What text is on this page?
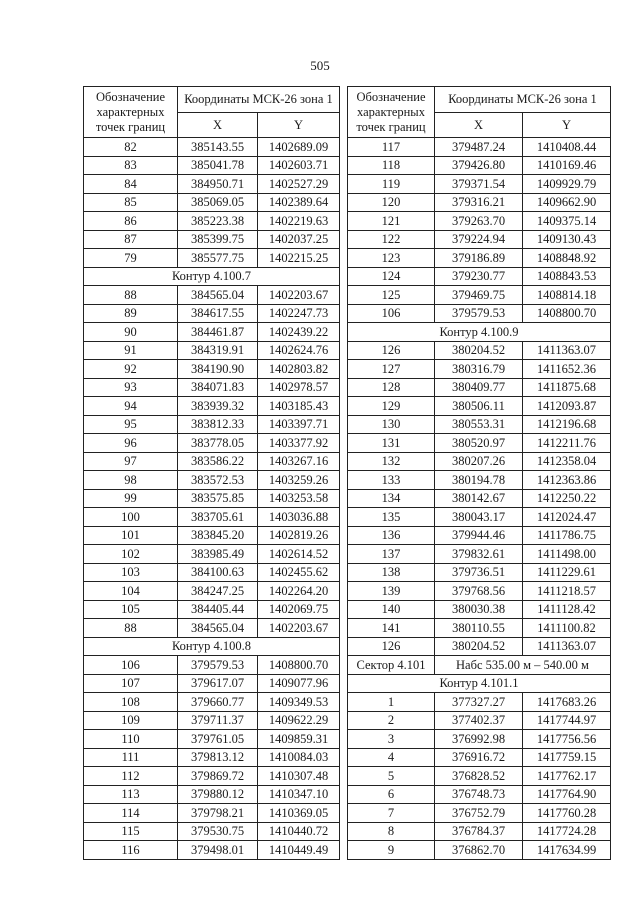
505
Обозначение характерных точек границ	Координаты МСК-26 зона 1	
	X	Y
82	385143.55	1402689.09
83	385041.78	1402603.71
84	384950.71	1402527.29
85	385069.05	1402389.64
86	385223.38	1402219.63
87	385399.75	1402037.25
79	385577.75	1402215.25
Контур 4.100.7		
88	384565.04	1402203.67
89	384617.55	1402247.73
90	384461.87	1402439.22
91	384319.91	1402624.76
92	384190.90	1402803.82
93	384071.83	1402978.57
94	383939.32	1403185.43
95	383812.33	1403397.71
96	383778.05	1403377.92
97	383586.22	1403267.16
98	383572.53	1403259.26
99	383575.85	1403253.58
100	383705.61	1403036.88
101	383845.20	1402819.26
102	383985.49	1402614.52
103	384100.63	1402455.62
104	384247.25	1402264.20
105	384405.44	1402069.75
88	384565.04	1402203.67
Контур 4.100.8		
106	379579.53	1408800.70
107	379617.07	1409077.96
108	379660.77	1409349.53
109	379711.37	1409622.29
110	379761.05	1409859.31
111	379813.12	1410084.03
112	379869.72	1410307.48
113	379880.12	1410347.10
114	379798.21	1410369.05
115	379530.75	1410440.72
116	379498.01	1410449.49
Обозначение характерных точек границ	Координаты МСК-26 зона 1	
	X	Y
117	379487.24	1410408.44
118	379426.80	1410169.46
119	379371.54	1409929.79
120	379316.21	1409662.90
121	379263.70	1409375.14
122	379224.94	1409130.43
123	379186.89	1408848.92
124	379230.77	1408843.53
125	379469.75	1408814.18
106	379579.53	1408800.70
Контур 4.100.9		
126	380204.52	1411363.07
127	380316.79	1411652.36
128	380409.77	1411875.68
129	380506.11	1412093.87
130	380553.31	1412196.68
131	380520.97	1412211.76
132	380207.26	1412358.04
133	380194.78	1412363.86
134	380142.67	1412250.22
135	380043.17	1412024.47
136	379944.46	1411786.75
137	379832.61	1411498.00
138	379736.51	1411229.61
139	379768.56	1411218.57
140	380030.38	1411128.42
141	380110.55	1411100.82
126	380204.52	1411363.07
Сектор 4.101	Набс 535.00 м – 540.00 м	
Контур 4.101.1		
1	377327.27	1417683.26
2	377402.37	1417744.97
3	376992.98	1417756.56
4	376916.72	1417759.15
5	376828.52	1417762.17
6	376748.73	1417764.90
7	376752.79	1417760.28
8	376784.37	1417724.28
9	376862.70	1417634.99
